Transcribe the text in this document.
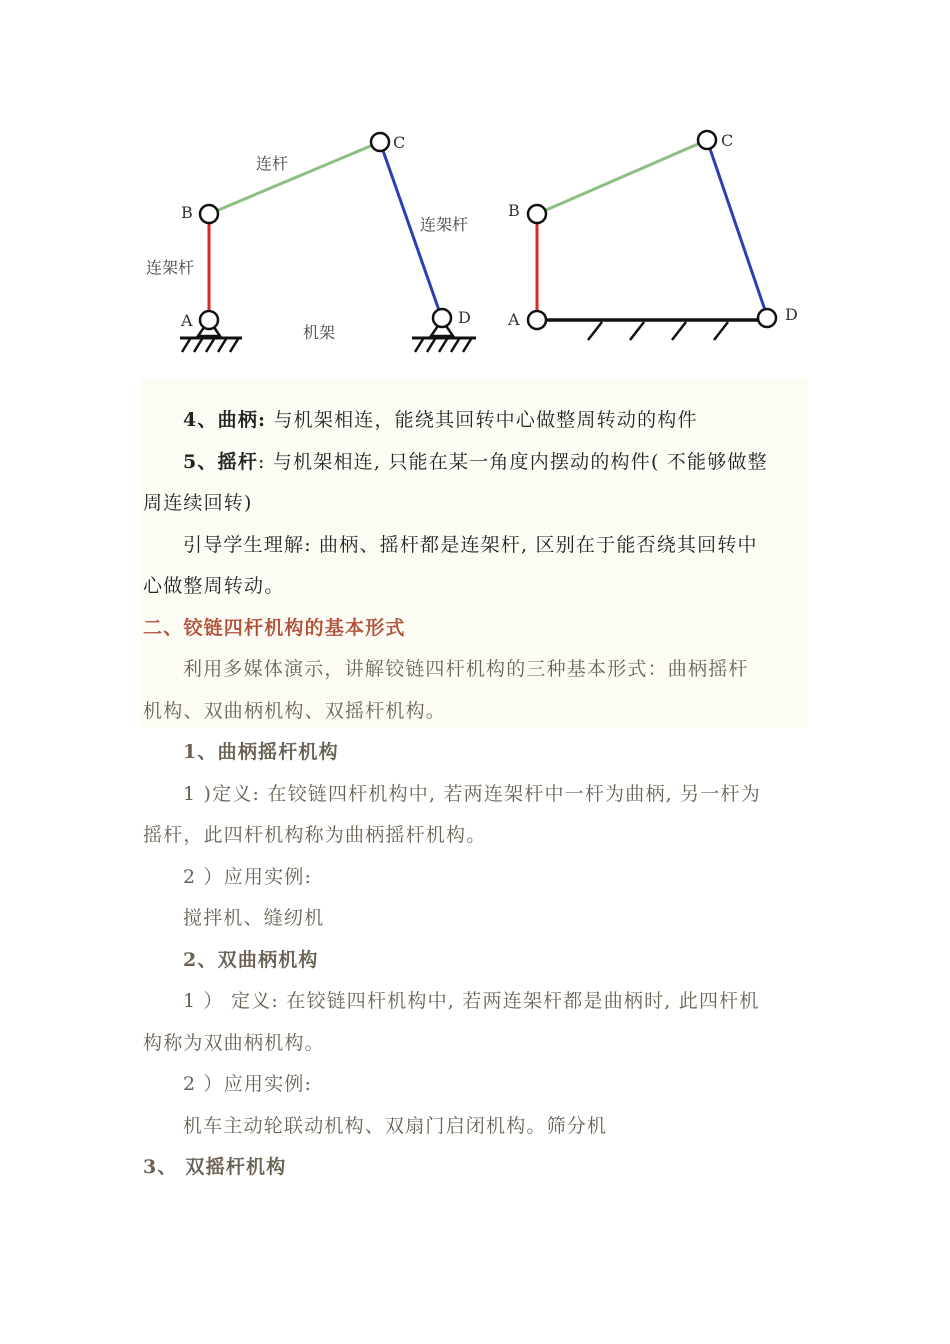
B
C
A	D
连杆
连架杆
连架杆
机架
B
C
A	D
4、曲柄: 与机架相连，能绕其回转中心做整周转动的构件
5、摇杆: 与机架相连, 只能在某一角度内摆动的构件( 不能够做整
周连续回转)
引导学生理解: 曲柄、摇杆都是连架杆, 区别在于能否绕其回转中
心做整周转动。
二、铰链四杆机构的基本形式
利用多媒体演示，讲解铰链四杆机构的三种基本形式：曲柄摇杆
机构、双曲柄机构、双摇杆机构。
1、曲柄摇杆机构
1 )定义: 在铰链四杆机构中, 若两连架杆中一杆为曲柄, 另一杆为
摇杆，此四杆机构称为曲柄摇杆机构。
2 ）应用实例:
搅拌机、缝纫机
2、双曲柄机构
1 ） 定义: 在铰链四杆机构中, 若两连架杆都是曲柄时, 此四杆机
构称为双曲柄机构。
2 ）应用实例:
机车主动轮联动机构、双扇门启闭机构。筛分机
3、 双摇杆机构
